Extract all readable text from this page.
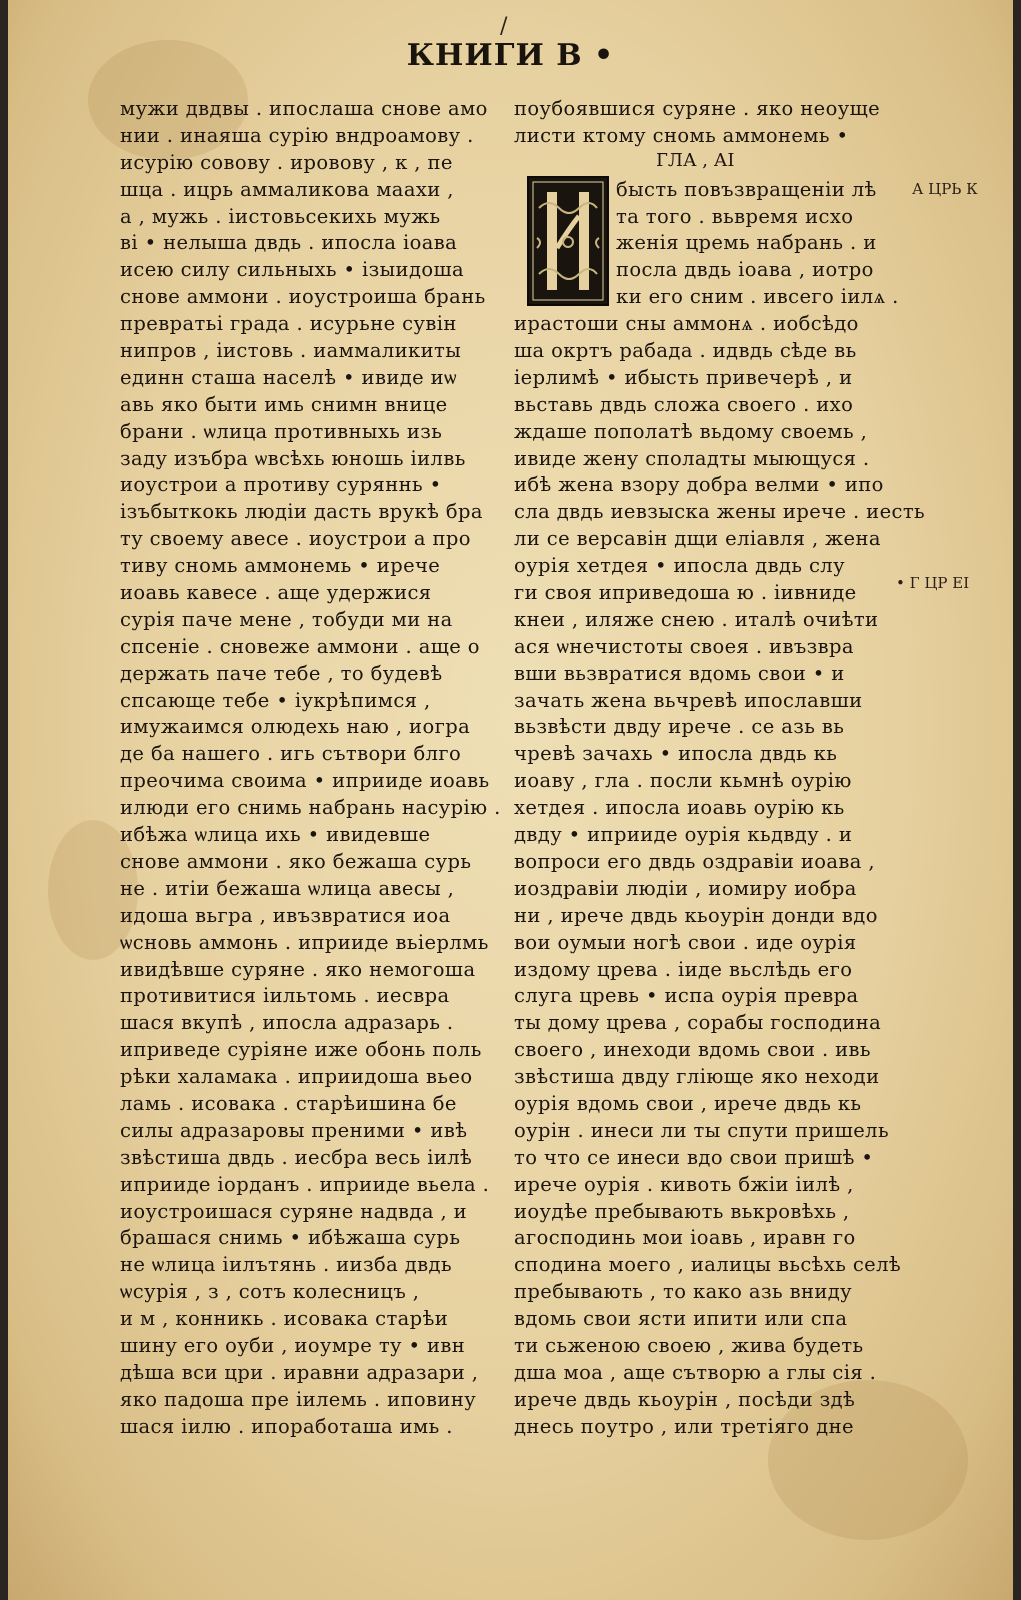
/
КНИГИ В •
мужи двдвы . ипослаша снове амо
нии . инаяша сурію вндроамову .
исурію совову . ировову , к , пе
шца . ицрь аммаликова маахи ,
а , мужь . іистовьсекихь мужь
ві • нелыша двдь . ипосла іоава
исею силу сильныхь • ізыидоша
снове аммони . иоустроиша брань
превратьі града . исурьне сувін
нипров , іистовь . иаммаликиты
единн сташа населѣ • ивиде иѡ
авь яко быти имь снимн внице
брани . ѡлица противныхь изь
заду изъбра ѡвсѣхь юношь іилвь
иоустрои а противу суряннь •
ізъбыткокь людіи дасть врукѣ бра
ту своему авесе . иоустрои а про
тиву сномь аммонемь • ирече
иоавь кавесе . аще удержися
сурія паче мене , тобуди ми на
спсеніе . сновеже аммони . аще о
держать паче тебе , то будевѣ
спсающе тебе • іукрѣпимся ,
имужаимся олюдехь наю , иогра
де ба нашего . игь сътвори блго
преочима своима • иприиде иоавь
илюди его снимь набрань насурію .
ибѣжа ѡлица ихь • ивидевше
снове аммони . яко бежаша сурь
не . итіи бежаша ѡлица авесы ,
идоша вьгра , ивъзвратися иоа
ѡсновь аммонь . иприиде вьіерлмь
ивидѣвше суряне . яко немогоша
противитися іильтомь . иесвра
шася вкупѣ , ипосла адразарь .
иприведе суріяне иже обонь поль
рѣки халамака . иприидоша вьео
ламь . исовака . старѣишина бе
силы адразаровы преними • ивѣ
звѣстиша двдь . иесбра весь іилѣ
иприиде іорданъ . иприиде вьела .
иоустроишася суряне надвда , и
брашася снимь • ибѣжаша сурь
не ѡлица іилътянь . иизба двдь
ѡсурія , з , сотъ колесницъ ,
и м , конникь . исовака старѣи
шину его оуби , иоумре ту • ивн
дѣша вси цри . иравни адразари ,
яко падоша пре іилемь . иповину
шася іилю . ипоработаша имь .
поубоявшися суряне . яко неоуще
листи ктому сномь аммонемь •
бысть повъзвращеніи лѣ
та того . вьвремя исхо
женія цремь набрань . и
посла двдь іоава , иотро
ки его сним . ивсего іилѧ .
ирастоши сны аммонѧ . иобсѣдо
ша окртъ рабада . идвдь сѣде вь
іерлимѣ • ибысть привечерѣ , и
вьставь двдь сложа своего . ихо
ждаше пополатѣ вьдому своемь ,
ивиде жену споладты мыющуся .
ибѣ жена взору добра велми • ипо
сла двдь иевзыска жены ирече . иесть
ли се версавін дщи еліавля , жена
оурія хетдея • ипосла двдь слу
ги своя иприведоша ю . іивниде
кнеи , иляже снею . италѣ очиѣти
ася ѡнечистоты своея . ивъзвра
вши вьзвратися вдомь свои • и
зачать жена вьчревѣ ипославши
вьзвѣсти двду ирече . се азь вь
чревѣ зачахь • ипосла двдь кь
иоаву , гла . посли кьмнѣ оурію
хетдея . ипосла иоавь оурію кь
двду • иприиде оурія кьдвду . и
вопроси его двдь оздравіи иоава ,
иоздравіи людіи , иомиру иобра
ни , ирече двдь кьоурін донди вдо
вои оумыи ногѣ свои . иде оурія
издому црева . іиде вьслѣдь его
слуга цревь • испа оурія превра
ты дому црева , сорабы господина
своего , инеходи вдомь свои . ивь
звѣстиша двду гліюще яко неходи
оурія вдомь свои , ирече двдь кь
оурін . инеси ли ты спути пришель
то что се инеси вдо свои пришѣ •
ирече оурія . кивоть бжіи іилѣ ,
иоудѣе пребывають вькровѣхь ,
агосподинь мои іоавь , иравн го
сподина моего , иалицы вьсѣхь селѣ
пребывають , то како азь вниду
вдомь свои ясти ипити или спа
ти сьженою своею , жива будеть
дша моа , аще сътворю а глы сія .
ирече двдь кьоурін , посѣди здѣ
днесь поутро , или третіяго дне
ГЛА , АІ
А ЦРЬ К
• Г ЦР ЕІ
